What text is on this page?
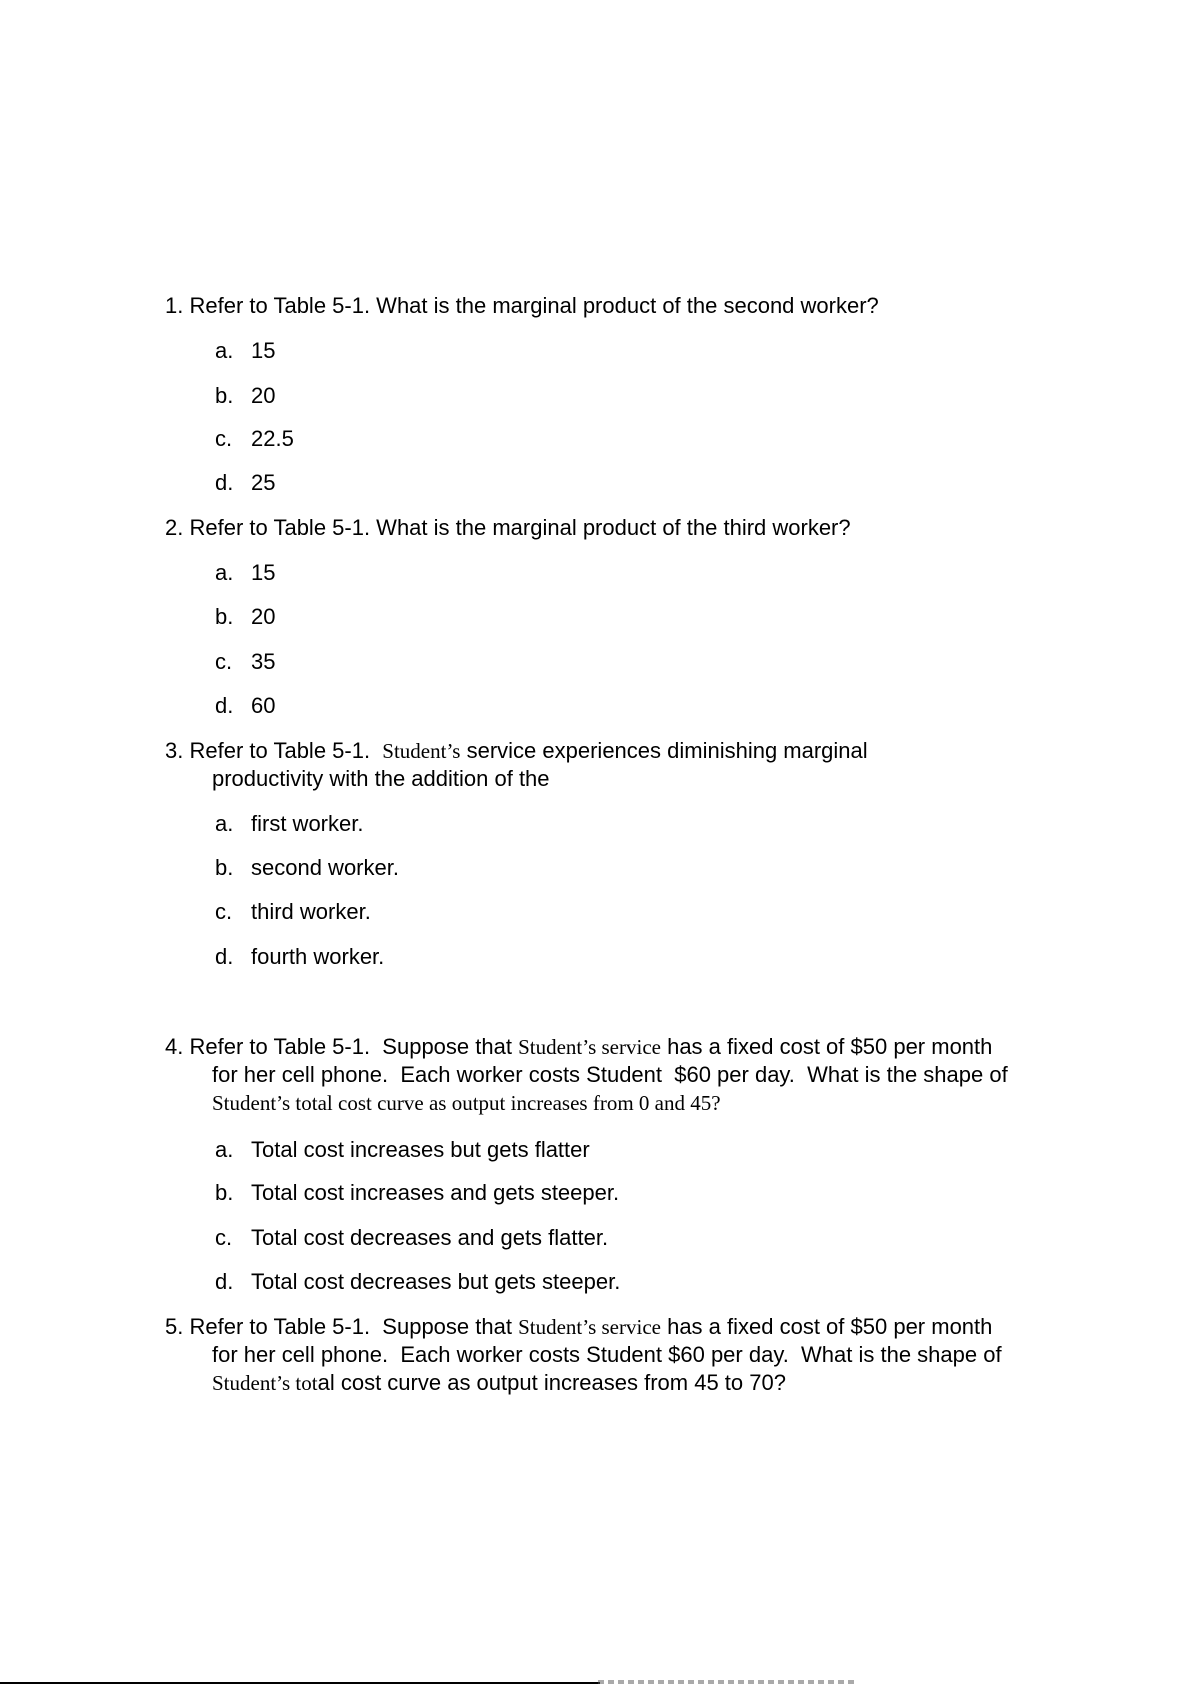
1. Refer to Table 5-1. What is the marginal product of the second worker?
a. 15
b. 20
c. 22.5
d. 25
2. Refer to Table 5-1. What is the marginal product of the third worker?
a. 15
b. 20
c. 35
d. 60
3. Refer to Table 5-1.  Student’s service experiences diminishing marginal
productivity with the addition of the
a. first worker.
b. second worker.
c. third worker.
d. fourth worker.
4. Refer to Table 5-1.  Suppose that Student’s service has a fixed cost of $50 per month
for her cell phone.  Each worker costs Student  $60 per day.  What is the shape of
Student’s total cost curve as output increases from 0 and 45?
a. Total cost increases but gets flatter
b. Total cost increases and gets steeper.
c. Total cost decreases and gets flatter.
d. Total cost decreases but gets steeper.
5. Refer to Table 5-1.  Suppose that Student’s service has a fixed cost of $50 per month
for her cell phone.  Each worker costs Student $60 per day.  What is the shape of
Student’s total cost curve as output increases from 45 to 70?
